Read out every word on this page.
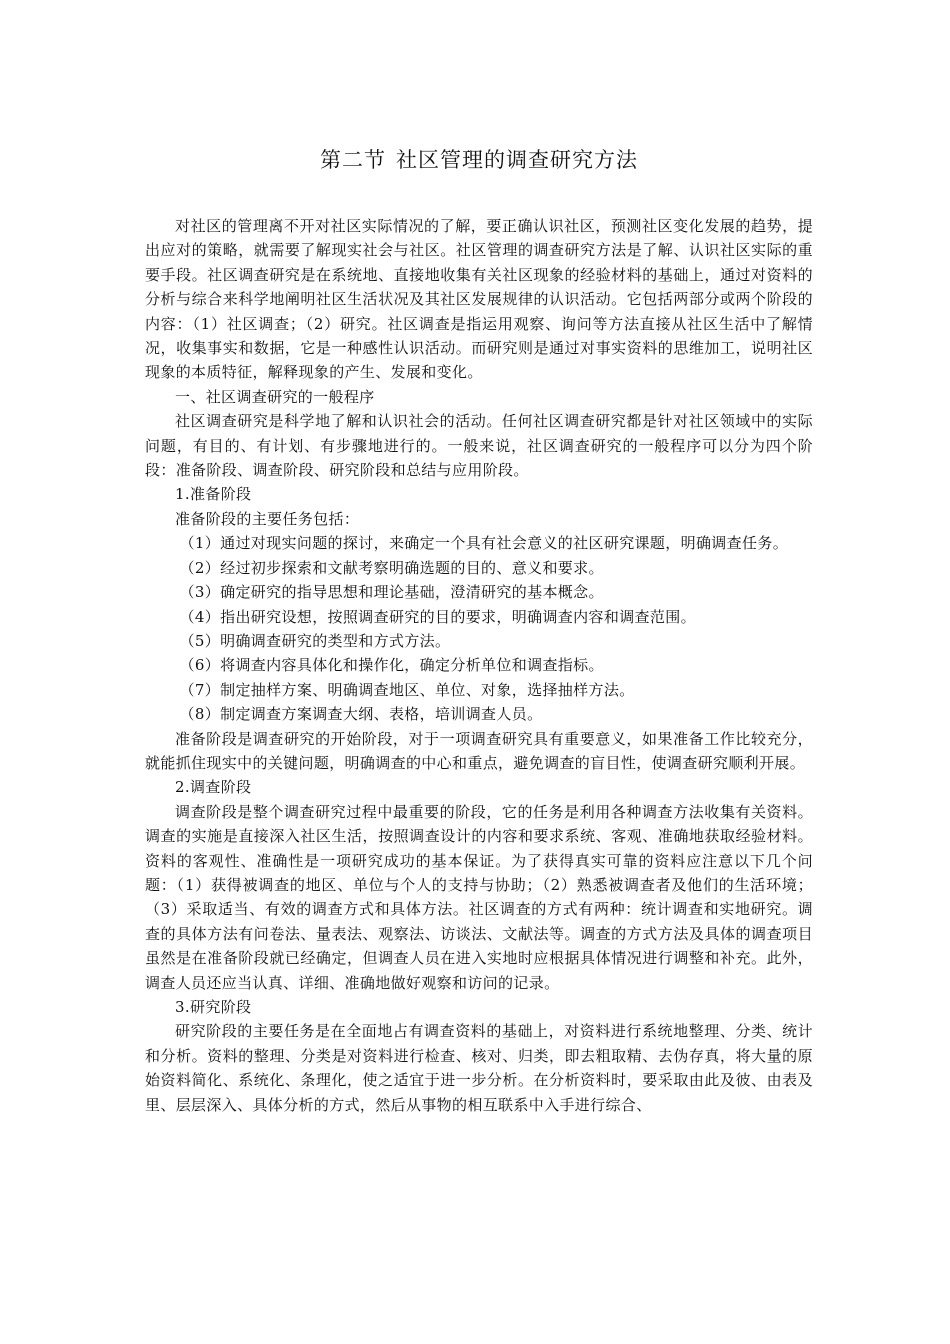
第二节 社区管理的调查研究方法

对社区的管理离不开对社区实际情况的了解，要正确认识社区，预测社区变化发展的趋势，提出应对的策略，就需要了解现实社会与社区。社区管理的调查研究方法是了解、认识社区实际的重要手段。社区调查研究是在系统地、直接地收集有关社区现象的经验材料的基础上，通过对资料的分析与综合来科学地阐明社区生活状况及其社区发展规律的认识活动。它包括两部分或两个阶段的内容：（1）社区调查；（2）研究。社区调查是指运用观察、询问等方法直接从社区生活中了解情况，收集事实和数据，它是一种感性认识活动。而研究则是通过对事实资料的思维加工，说明社区现象的本质特征，解释现象的产生、发展和变化。

一、社区调查研究的一般程序

社区调查研究是科学地了解和认识社会的活动。任何社区调查研究都是针对社区领域中的实际问题，有目的、有计划、有步骤地进行的。一般来说，社区调查研究的一般程序可以分为四个阶段：准备阶段、调查阶段、研究阶段和总结与应用阶段。

1.准备阶段

准备阶段的主要任务包括：

（1）通过对现实问题的探讨，来确定一个具有社会意义的社区研究课题，明确调查任务。

（2）经过初步探索和文献考察明确选题的目的、意义和要求。

（3）确定研究的指导思想和理论基础，澄清研究的基本概念。

（4）指出研究设想，按照调查研究的目的要求，明确调查内容和调查范围。

（5）明确调查研究的类型和方式方法。

（6）将调查内容具体化和操作化，确定分析单位和调查指标。

（7）制定抽样方案、明确调查地区、单位、对象，选择抽样方法。

（8）制定调查方案调查大纲、表格，培训调查人员。

准备阶段是调查研究的开始阶段，对于一项调查研究具有重要意义，如果准备工作比较充分，就能抓住现实中的关键问题，明确调查的中心和重点，避免调查的盲目性，使调查研究顺利开展。

2.调查阶段

调查阶段是整个调查研究过程中最重要的阶段，它的任务是利用各种调查方法收集有关资料。调查的实施是直接深入社区生活，按照调查设计的内容和要求系统、客观、准确地获取经验材料。资料的客观性、准确性是一项研究成功的基本保证。为了获得真实可靠的资料应注意以下几个问题：（1）获得被调查的地区、单位与个人的支持与协助；（2）熟悉被调查者及他们的生活环境；（3）采取适当、有效的调查方式和具体方法。社区调查的方式有两种：统计调查和实地研究。调查的具体方法有问卷法、量表法、观察法、访谈法、文献法等。调查的方式方法及具体的调查项目虽然是在准备阶段就已经确定，但调查人员在进入实地时应根据具体情况进行调整和补充。此外，调查人员还应当认真、详细、准确地做好观察和访问的记录。

3.研究阶段

研究阶段的主要任务是在全面地占有调查资料的基础上，对资料进行系统地整理、分类、统计和分析。资料的整理、分类是对资料进行检查、核对、归类，即去粗取精、去伪存真，将大量的原始资料简化、系统化、条理化，使之适宜于进一步分析。在分析资料时，要采取由此及彼、由表及里、层层深入、具体分析的方式，然后从事物的相互联系中入手进行综合、
